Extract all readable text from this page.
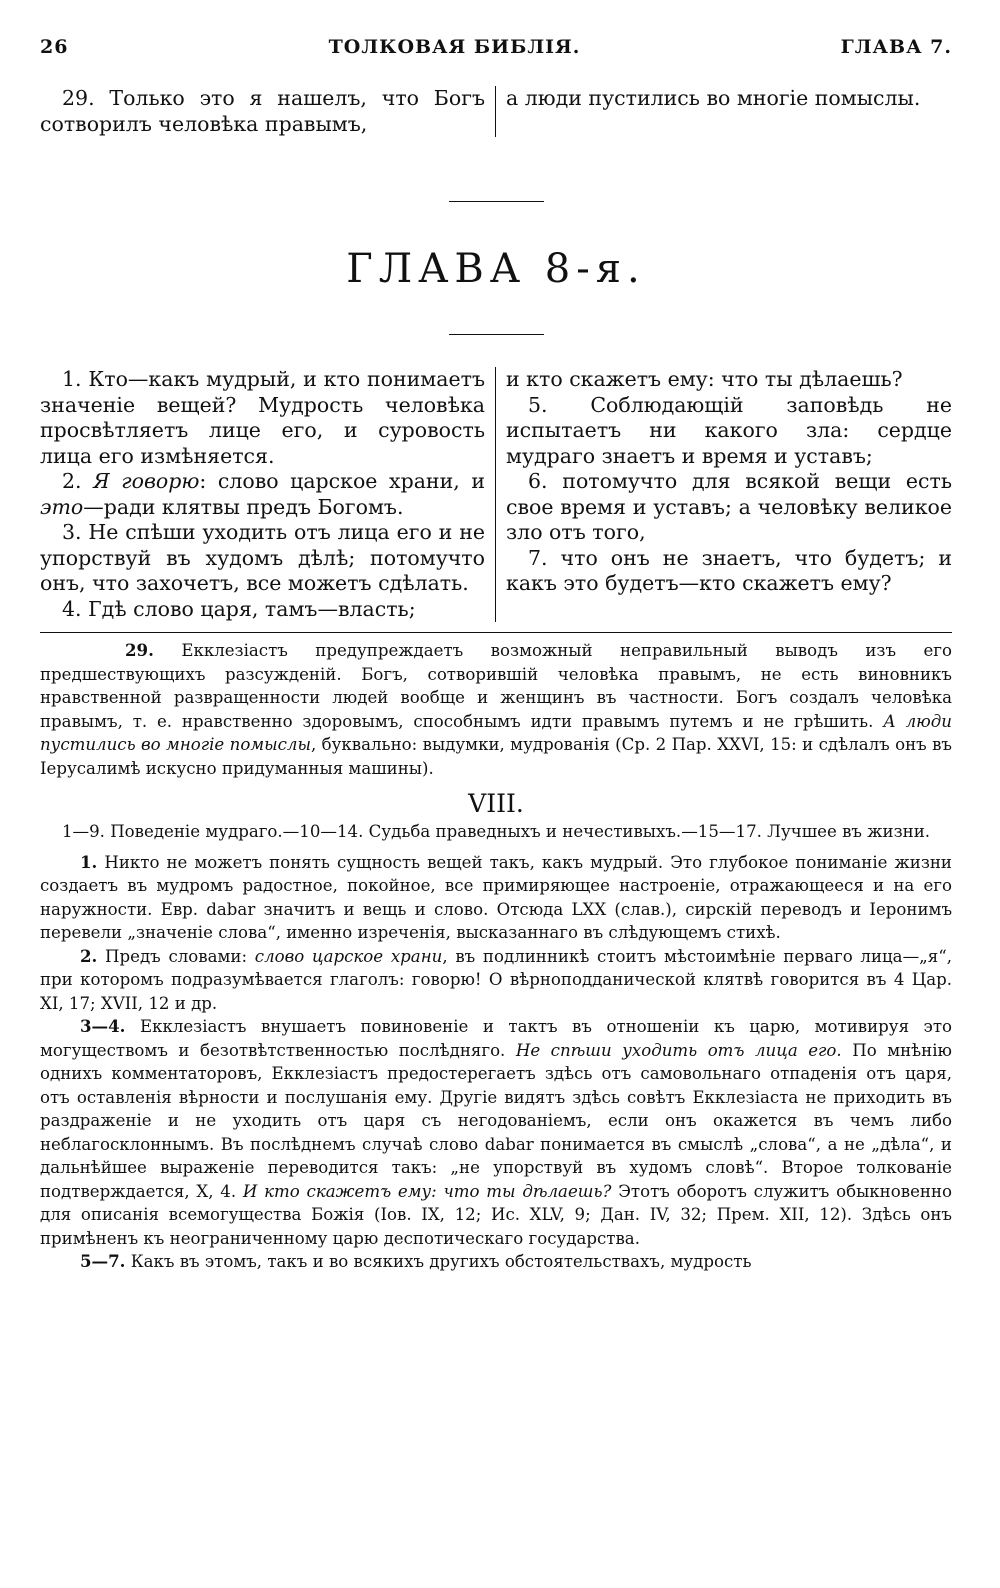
26	ТОЛКОВАЯ БИБЛІЯ.	ГЛАВА 7.

29. Только это я нашелъ, что Богъ сотворилъ человѣка правымъ,

а люди пустились во многіе помыслы.

ГЛАВА 8-я.

1. Кто—какъ мудрый, и кто понимаетъ значеніе вещей? Мудрость человѣка просвѣтляетъ лице его, и суровость лица его измѣняется.

2. Я говорю: слово царское храни, и это—ради клятвы предъ Богомъ.

3. Не спѣши уходить отъ лица его и не упорствуй въ худомъ дѣлѣ; потомучто онъ, что захочетъ, все можетъ сдѣлать.

4. Гдѣ слово царя, тамъ—власть;

и кто скажетъ ему: что ты дѣлаешь?

5. Соблюдающій заповѣдь не испытаетъ ни какого зла: сердце мудраго знаетъ и время и уставъ;

6. потомучто для всякой вещи есть свое время и уставъ; а человѣку великое зло отъ того,

7. что онъ не знаетъ, что будетъ; и какъ это будетъ—кто скажетъ ему?

29. Екклезіастъ предупреждаетъ возможный неправильный выводъ изъ его предшествующихъ разсужденій. Богъ, сотворившій человѣка правымъ, не есть виновникъ нравственной развращенности людей вообще и женщинъ въ частности. Богъ создалъ человѣка правымъ, т. е. нравственно здоровымъ, способнымъ идти правымъ путемъ и не грѣшить. А люди пустились во многіе помыслы, буквально: выдумки, мудрованія (Ср. 2 Пар. XXVI, 15: и сдѣлалъ онъ въ Іерусалимѣ искусно придуманныя машины).

VIII.
1—9. Поведеніе мудраго.—10—14. Судьба праведныхъ и нечестивыхъ.—15—17. Лучшее въ жизни.

1. Никто не можетъ понять сущность вещей такъ, какъ мудрый. Это глубокое пониманіе жизни создаетъ въ мудромъ радостное, покойное, все примиряющее настроеніе, отражающееся и на его наружности. Евр. dabar значитъ и вещь и слово. Отсюда LXX (слав.), сирскій переводъ и Іеронимъ перевели „значеніе слова“, именно изреченія, высказаннаго въ слѣдующемъ стихѣ.

2. Предъ словами: слово царское храни, въ подлинникѣ стоитъ мѣстоимѣніе перваго лица—„я“, при которомъ подразумѣвается глаголъ: говорю! О вѣрноподданической клятвѣ говорится въ 4 Цар. XI, 17; XVII, 12 и др.

3—4. Екклезіастъ внушаетъ повиновеніе и тактъ въ отношеніи къ царю, мотивируя это могуществомъ и безотвѣтственностью послѣдняго. Не спѣши уходить отъ лица его. По мнѣнію однихъ комментаторовъ, Екклезіастъ предостерегаетъ здѣсь отъ самовольнаго отпаденія отъ царя, отъ оставленія вѣрности и послушанія ему. Другіе видятъ здѣсь совѣтъ Екклезіаста не приходить въ раздраженіе и не уходить отъ царя съ негодованіемъ, если онъ окажется въ чемъ либо неблагосклоннымъ. Въ послѣднемъ случаѣ слово dabar понимается въ смыслѣ „слова“, а не „дѣла“, и дальнѣйшее выраженіе переводится такъ: „не упорствуй въ худомъ словѣ“. Второе толкованіе подтверждается, X, 4. И кто скажетъ ему: что ты дѣлаешь? Этотъ оборотъ служитъ обыкновенно для описанія всемогущества Божія (Іов. IX, 12; Ис. XLV, 9; Дан. IV, 32; Прем. XII, 12). Здѣсь онъ примѣненъ къ неограниченному царю деспотическаго государства.

5—7. Какъ въ этомъ, такъ и во всякихъ другихъ обстоятельствахъ, мудрость
